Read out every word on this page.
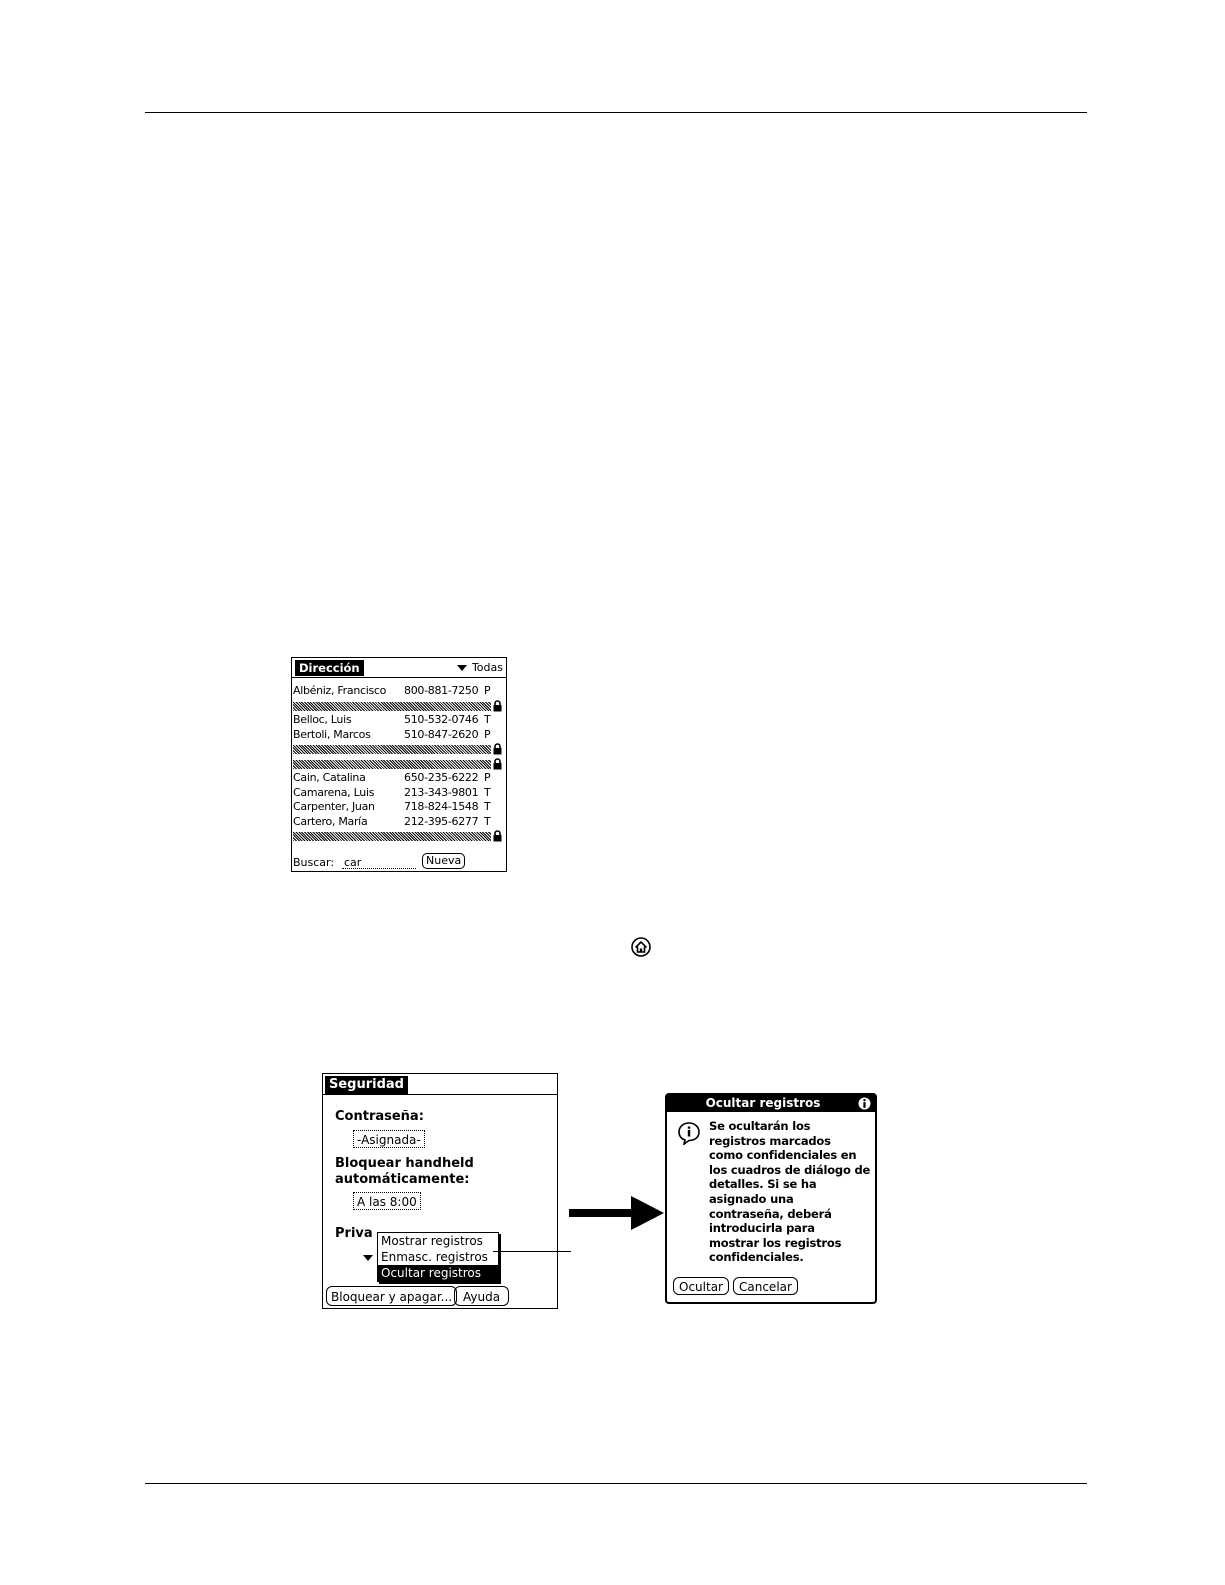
Dirección	Todas
Albéniz, Francisco 800-881-7250 P
Belloc, Luis	510-532-0746 T
Bertoli, Marcos	510-847-2620 P
Cain, Catalina	650-235-6222 P
Camarena, Luis	213-343-9801 T
Carpenter, Juan	718-824-1548 T
Cartero, María	212-395-6277 T
Buscar: car	Nueva
Seguridad
Contraseña:
-Asignada-
Bloquear handheld
automáticamente:
A las 8:00
Priva Mostrar registros
Enmasc. registros
Ocultar registros
Bloquear y apagar... Ayuda
Ocultar registros
Se ocultarán los
registros marcados
como confidenciales en
los cuadros de diálogo de
detalles. Si se ha
asignado una
contraseña, deberá
introducirla para
mostrar los registros
confidenciales.
Ocultar	Cancelar
